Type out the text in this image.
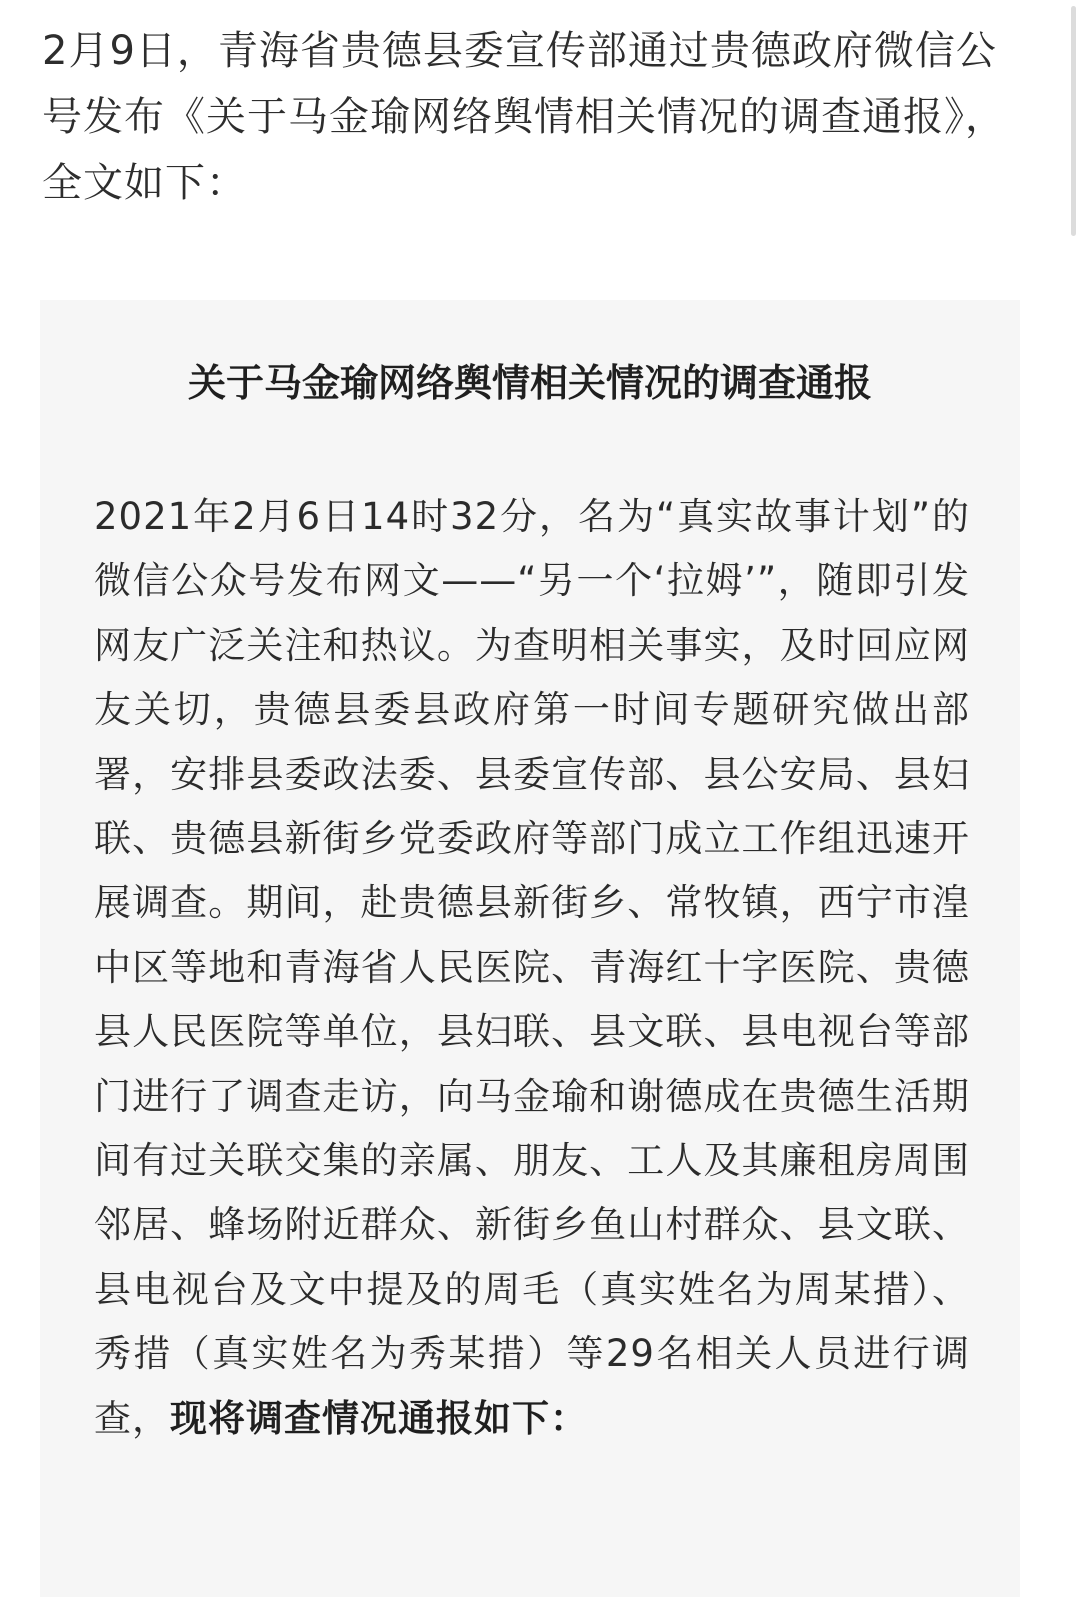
2月9日，青海省贵德县委宣传部通过贵德政府微信公号发布《关于马金瑜网络舆情相关情况的调查通报》，全文如下：

关于马金瑜网络舆情相关情况的调查通报

2021年2月6日14时32分，名为“真实故事计划”的微信公众号发布网文——“另一个‘拉姆’”，随即引发网友广泛关注和热议。为查明相关事实，及时回应网友关切，贵德县委县政府第一时间专题研究做出部署，安排县委政法委、县委宣传部、县公安局、县妇联、贵德县新街乡党委政府等部门成立工作组迅速开展调查。期间，赴贵德县新街乡、常牧镇，西宁市湟中区等地和青海省人民医院、青海红十字医院、贵德县人民医院等单位，县妇联、县文联、县电视台等部门进行了调查走访，向马金瑜和谢德成在贵德生活期间有过关联交集的亲属、朋友、工人及其廉租房周围邻居、蜂场附近群众、新街乡鱼山村群众、县文联、县电视台及文中提及的周毛（真实姓名为周某措）、秀措（真实姓名为秀某措）等29名相关人员进行调查，现将调查情况通报如下：
